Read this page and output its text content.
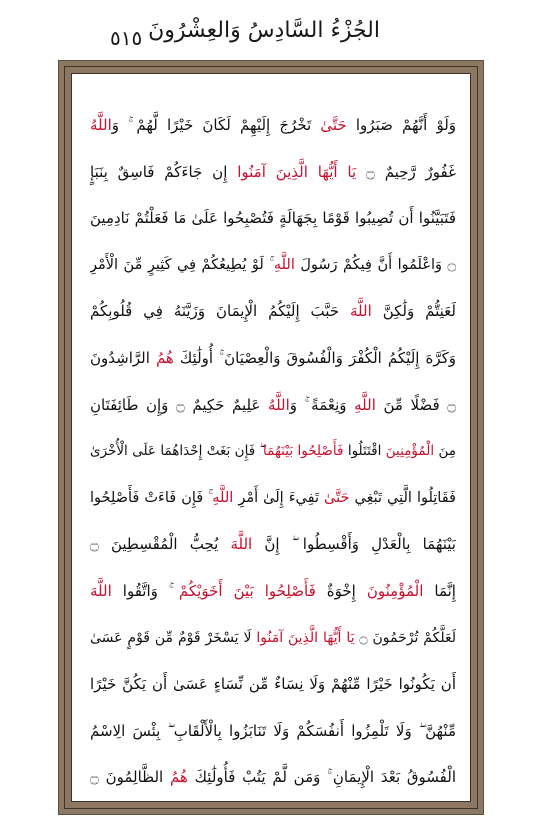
الجُزْءُ السَّادِسُ وَالعِشْرُونَ
٥١٥
وَلَوْ أَنَّهُمْ صَبَرُوا حَتَّىٰ تَخْرُجَ إِلَيْهِمْ لَكَانَ خَيْرًا لَّهُمْ ۚ وَاللَّهُ
غَفُورٌ رَّحِيمٌ ۝ يَا أَيُّهَا الَّذِينَ آمَنُوا إِن جَاءَكُمْ فَاسِقٌ بِنَبَإٍ
فَتَبَيَّنُوا أَن تُصِيبُوا قَوْمًا بِجَهَالَةٍ فَتُصْبِحُوا عَلَىٰ مَا فَعَلْتُمْ نَادِمِينَ
۝ وَاعْلَمُوا أَنَّ فِيكُمْ رَسُولَ اللَّهِ ۚ لَوْ يُطِيعُكُمْ فِي كَثِيرٍ مِّنَ الْأَمْرِ
لَعَنِتُّمْ وَلَٰكِنَّ اللَّهَ حَبَّبَ إِلَيْكُمُ الْإِيمَانَ وَزَيَّنَهُ فِي قُلُوبِكُمْ
وَكَرَّهَ إِلَيْكُمُ الْكُفْرَ وَالْفُسُوقَ وَالْعِصْيَانَ ۚ أُولَٰئِكَ هُمُ الرَّاشِدُونَ
۝ فَضْلًا مِّنَ اللَّهِ وَنِعْمَةً ۚ وَاللَّهُ عَلِيمٌ حَكِيمٌ ۝ وَإِن طَائِفَتَانِ
مِنَ الْمُؤْمِنِينَ اقْتَتَلُوا فَأَصْلِحُوا بَيْنَهُمَا ۖ فَإِن بَغَتْ إِحْدَاهُمَا عَلَى الْأُخْرَىٰ
فَقَاتِلُوا الَّتِي تَبْغِي حَتَّىٰ تَفِيءَ إِلَىٰ أَمْرِ اللَّهِ ۚ فَإِن فَاءَتْ فَأَصْلِحُوا
بَيْنَهُمَا بِالْعَدْلِ وَأَقْسِطُوا ۖ إِنَّ اللَّهَ يُحِبُّ الْمُقْسِطِينَ ۝
إِنَّمَا الْمُؤْمِنُونَ إِخْوَةٌ فَأَصْلِحُوا بَيْنَ أَخَوَيْكُمْ ۚ وَاتَّقُوا اللَّهَ
لَعَلَّكُمْ تُرْحَمُونَ ۝ يَا أَيُّهَا الَّذِينَ آمَنُوا لَا يَسْخَرْ قَوْمٌ مِّن قَوْمٍ عَسَىٰ
أَن يَكُونُوا خَيْرًا مِّنْهُمْ وَلَا نِسَاءٌ مِّن نِّسَاءٍ عَسَىٰ أَن يَكُنَّ خَيْرًا
مِّنْهُنَّ ۖ وَلَا تَلْمِزُوا أَنفُسَكُمْ وَلَا تَنَابَزُوا بِالْأَلْقَابِ ۖ بِئْسَ الِاسْمُ
الْفُسُوقُ بَعْدَ الْإِيمَانِ ۚ وَمَن لَّمْ يَتُبْ فَأُولَٰئِكَ هُمُ الظَّالِمُونَ ۝
